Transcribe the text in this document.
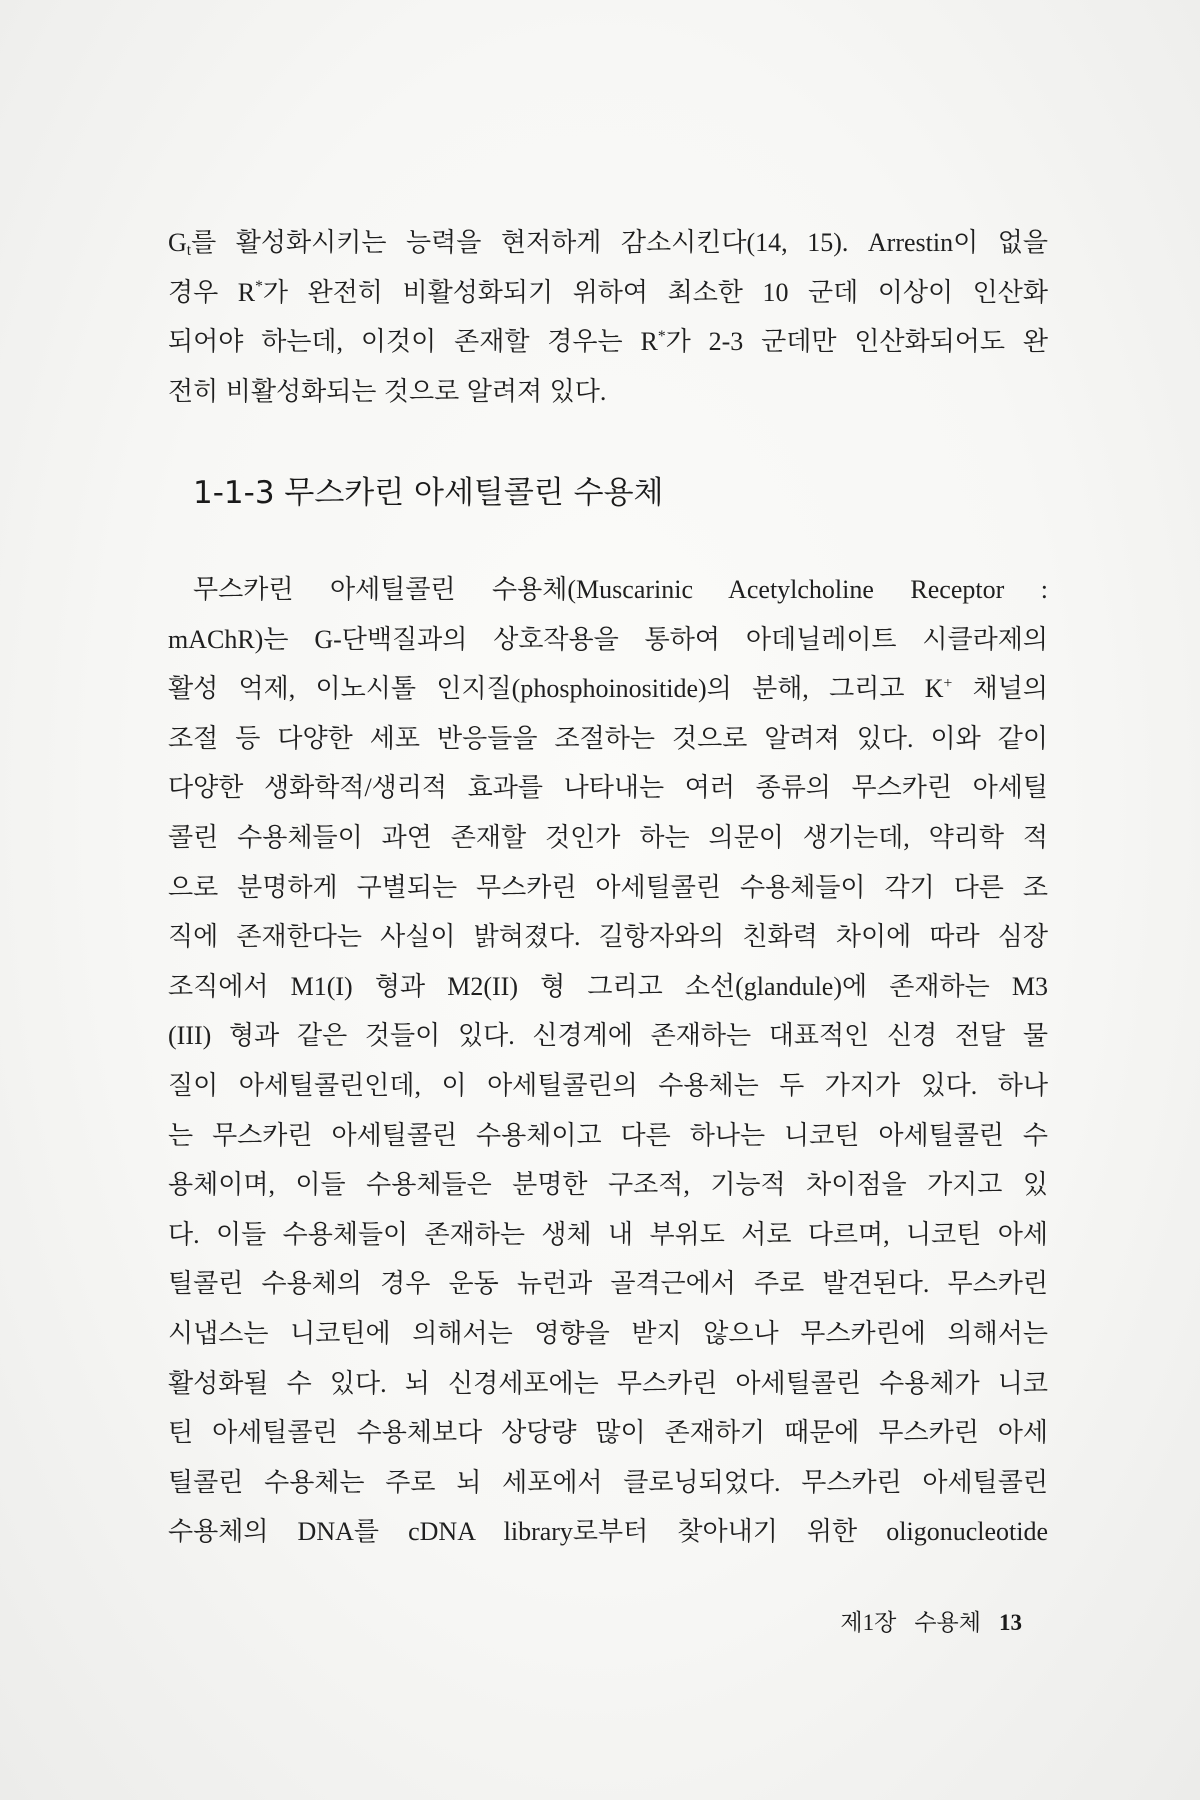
$G_t$를 활성화시키는 능력을 현저하게 감소시킨다(14, 15). Arrestin이 없을
경우 R*가 완전히 비활성화되기 위하여 최소한 10 군데 이상이 인산화
되어야 하는데, 이것이 존재할 경우는 R*가 2-3 군데만 인산화되어도 완
전히 비활성화되는 것으로 알려져 있다.
1-1-3 무스카린 아세틸콜린 수용체
무스카린 아세틸콜린 수용체(Muscarinic Acetylcholine Receptor :
mAChR)는 G-단백질과의 상호작용을 통하여 아데닐레이트 시클라제의
활성 억제, 이노시톨 인지질(phosphoinositide)의 분해, 그리고 K+ 채널의
조절 등 다양한 세포 반응들을 조절하는 것으로 알려져 있다. 이와 같이
다양한 생화학적/생리적 효과를 나타내는 여러 종류의 무스카린 아세틸
콜린 수용체들이 과연 존재할 것인가 하는 의문이 생기는데, 약리학 적
으로 분명하게 구별되는 무스카린 아세틸콜린 수용체들이 각기 다른 조
직에 존재한다는 사실이 밝혀졌다. 길항자와의 친화력 차이에 따라 심장
조직에서 M1(I) 형과 M2(II) 형 그리고 소선(glandule)에 존재하는 M3
(III) 형과 같은 것들이 있다. 신경계에 존재하는 대표적인 신경 전달 물
질이 아세틸콜린인데, 이 아세틸콜린의 수용체는 두 가지가 있다. 하나
는 무스카린 아세틸콜린 수용체이고 다른 하나는 니코틴 아세틸콜린 수
용체이며, 이들 수용체들은 분명한 구조적, 기능적 차이점을 가지고 있
다. 이들 수용체들이 존재하는 생체 내 부위도 서로 다르며, 니코틴 아세
틸콜린 수용체의 경우 운동 뉴런과 골격근에서 주로 발견된다. 무스카린
시냅스는 니코틴에 의해서는 영향을 받지 않으나 무스카린에 의해서는
활성화될 수 있다. 뇌 신경세포에는 무스카린 아세틸콜린 수용체가 니코
틴 아세틸콜린 수용체보다 상당량 많이 존재하기 때문에 무스카린 아세
틸콜린 수용체는 주로 뇌 세포에서 클로닝되었다. 무스카린 아세틸콜린
수용체의 DNA를 cDNA library로부터 찾아내기 위한 oligonucleotide
제1장 수용체 13
